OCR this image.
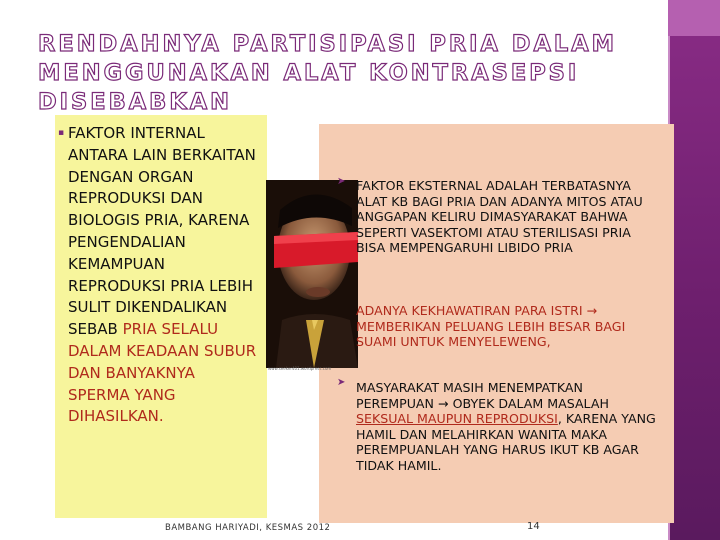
RENDAHNYA PARTISIPASI PRIA DALAM MENGGUNAKAN ALAT KONTRASEPSI DISEBABKAN
▪ FAKTOR INTERNAL ANTARA LAIN BERKAITAN DENGAN ORGAN REPRODUKSI DAN BIOLOGIS PRIA, KARENA PENGENDALIAN KEMAMPUAN REPRODUKSI PRIA LEBIH SULIT DIKENDALIKAN SEBAB PRIA SELALU DALAM KEADAAN SUBUR DAN BANYAKNYA SPERMA YANG DIHASILKAN.

www.seeker401.wordpress.com
➤ FAKTOR EKSTERNAL ADALAH TERBATASNYA ALAT KB BAGI PRIA DAN ADANYA MITOS ATAU ANGGAPAN KELIRU DIMASYARAKAT BAHWA SEPERTI VASEKTOMI ATAU STERILISASI PRIA BISA MEMPENGARUHI LIBIDO PRIA

ADANYA KEKHAWATIRAN PARA ISTRI → MEMBERIKAN PELUANG LEBIH BESAR BAGI SUAMI UNTUK MENYELEWENG,

➤ MASYARAKAT MASIH MENEMPATKAN PEREMPUAN → OBYEK DALAM MASALAH SEKSUAL MAUPUN REPRODUKSI, KARENA YANG HAMIL DAN MELAHIRKAN WANITA MAKA PEREMPUANLAH YANG HARUS IKUT KB AGAR TIDAK HAMIL.

BAMBANG HARIYADI, KESMAS 2012	14
